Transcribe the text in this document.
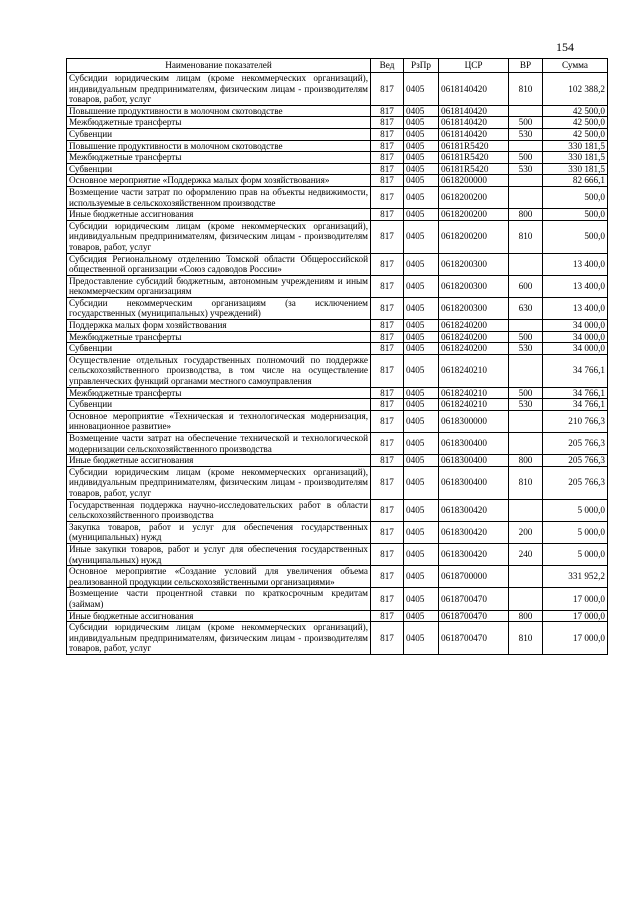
154
Наименование показателей	Вед	РзПр	ЦСР	ВР	Сумма
Субсидии юридическим лицам (кроме некоммерческих организаций), индивидуальным предпринимателям, физическим лицам - производителям товаров, работ, услуг	817	0405	0618140420	810	102 388,2
Повышение продуктивности в молочном скотоводстве	817	0405	0618140420		42 500,0
Межбюджетные трансферты	817	0405	0618140420	500	42 500,0
Субвенции	817	0405	0618140420	530	42 500,0
Повышение продуктивности в молочном скотоводстве	817	0405	06181R5420		330 181,5
Межбюджетные трансферты	817	0405	06181R5420	500	330 181,5
Субвенции	817	0405	06181R5420	530	330 181,5
Основное мероприятие «Поддержка малых форм хозяйствования»	817	0405	0618200000		82 666,1
Возмещение части затрат по оформлению прав на объекты недвижимости, используемые в сельскохозяйственном производстве	817	0405	0618200200		500,0
Иные бюджетные ассигнования	817	0405	0618200200	800	500,0
Субсидии юридическим лицам (кроме некоммерческих организаций), индивидуальным предпринимателям, физическим лицам - производителям товаров, работ, услуг	817	0405	0618200200	810	500,0
Субсидия Региональному отделению Томской области Общероссийской общественной организации «Союз садоводов России»	817	0405	0618200300		13 400,0
Предоставление субсидий бюджетным, автономным учреждениям и иным некоммерческим организациям	817	0405	0618200300	600	13 400,0
Субсидии некоммерческим организациям (за исключением государственных (муниципальных) учреждений)	817	0405	0618200300	630	13 400,0
Поддержка малых форм хозяйствования	817	0405	0618240200		34 000,0
Межбюджетные трансферты	817	0405	0618240200	500	34 000,0
Субвенции	817	0405	0618240200	530	34 000,0
Осуществление отдельных государственных полномочий по поддержке сельскохозяйственного производства, в том числе на осуществление управленческих функций органами местного самоуправления	817	0405	0618240210		34 766,1
Межбюджетные трансферты	817	0405	0618240210	500	34 766,1
Субвенции	817	0405	0618240210	530	34 766,1
Основное мероприятие «Техническая и технологическая модернизация, инновационное развитие»	817	0405	0618300000		210 766,3
Возмещение части затрат на обеспечение технической и технологической модернизации сельскохозяйственного производства	817	0405	0618300400		205 766,3
Иные бюджетные ассигнования	817	0405	0618300400	800	205 766,3
Субсидии юридическим лицам (кроме некоммерческих организаций), индивидуальным предпринимателям, физическим лицам - производителям товаров, работ, услуг	817	0405	0618300400	810	205 766,3
Государственная поддержка научно-исследовательских работ в области сельскохозяйственного производства	817	0405	0618300420		5 000,0
Закупка товаров, работ и услуг для обеспечения государственных (муниципальных) нужд	817	0405	0618300420	200	5 000,0
Иные закупки товаров, работ и услуг для обеспечения государственных (муниципальных) нужд	817	0405	0618300420	240	5 000,0
Основное мероприятие «Создание условий для увеличения объема реализованной продукции сельскохозяйственными организациями»	817	0405	0618700000		331 952,2
Возмещение части процентной ставки по краткосрочным кредитам (займам)	817	0405	0618700470		17 000,0
Иные бюджетные ассигнования	817	0405	0618700470	800	17 000,0
Субсидии юридическим лицам (кроме некоммерческих организаций), индивидуальным предпринимателям, физическим лицам - производителям товаров, работ, услуг	817	0405	0618700470	810	17 000,0
